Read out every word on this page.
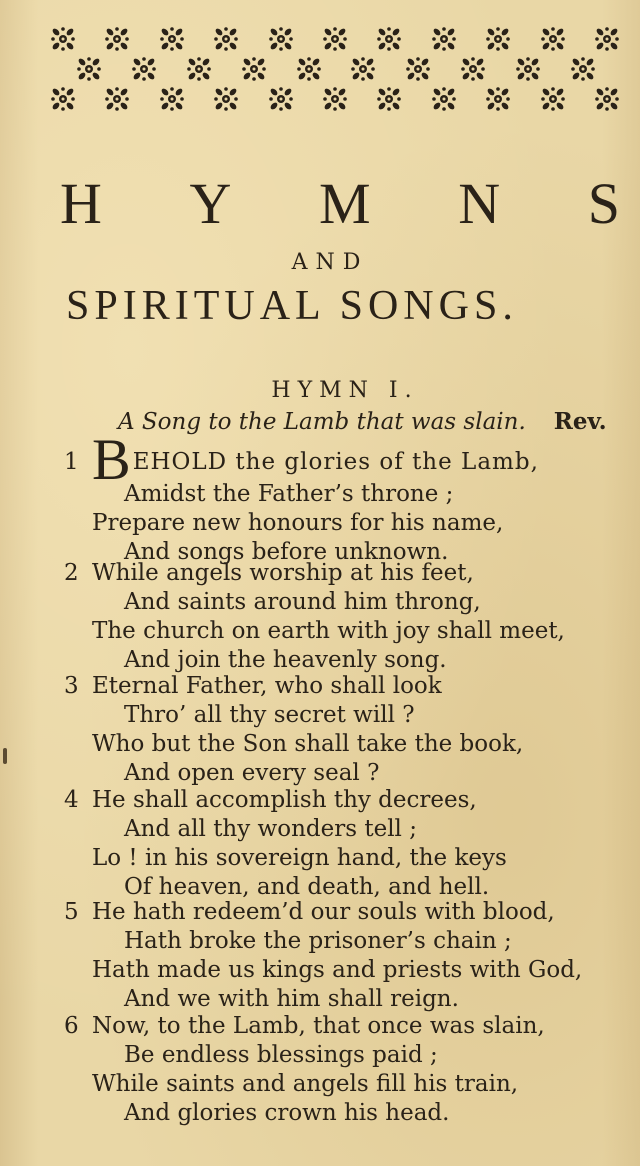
H Y M N S
AND
SPIRITUAL SONGS.
HYMN I.
A Song to the Lamb that was slain. Rev.
1 BEHOLD the glories of the Lamb,
Amidst the Father’s throne ;
Prepare new honours for his name,
And songs before unknown.
2 While angels worship at his feet,
And saints around him throng,
The church on earth with joy shall meet,
And join the heavenly song.
3 Eternal Father, who shall look
Thro’ all thy secret will ?
Who but the Son shall take the book,
And open every seal ?
4 He shall accomplish thy decrees,
And all thy wonders tell ;
Lo ! in his sovereign hand, the keys
Of heaven, and death, and hell.
5 He hath redeem’d our souls with blood,
Hath broke the prisoner’s chain ;
Hath made us kings and priests with God,
And we with him shall reign.
6 Now, to the Lamb, that once was slain,
Be endless blessings paid ;
While saints and angels fill his train,
And glories crown his head.
